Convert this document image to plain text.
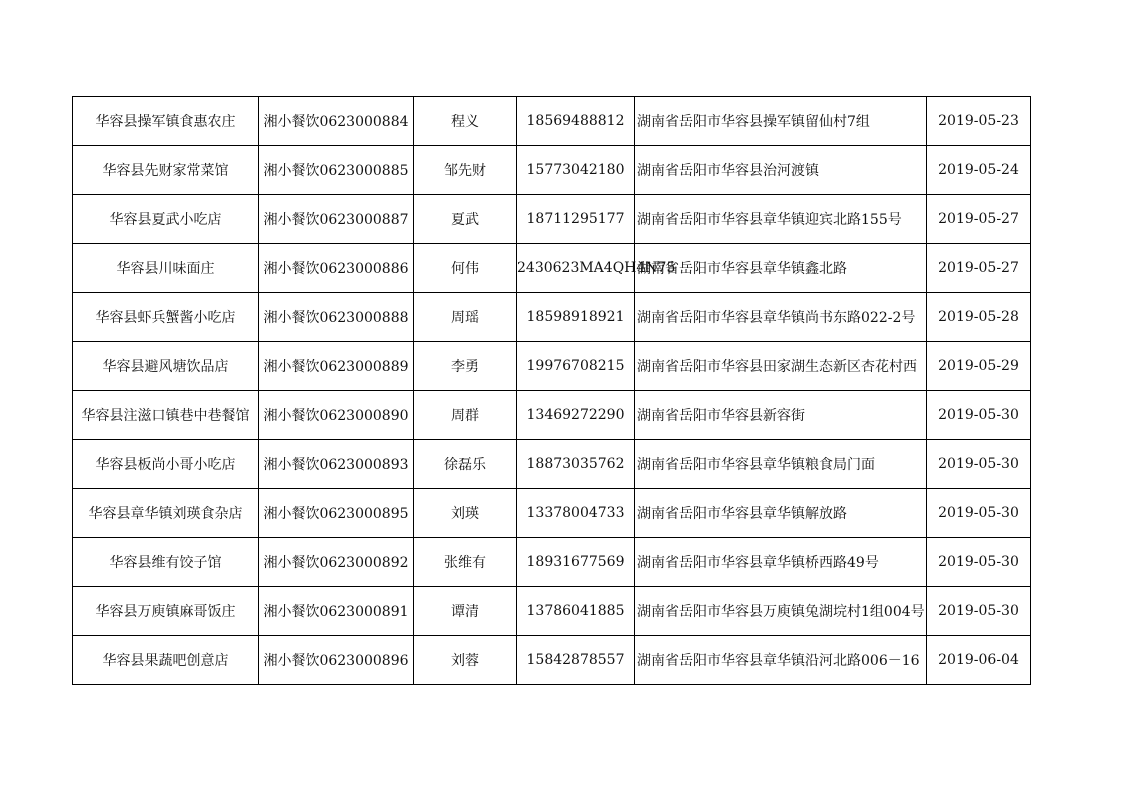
华容县操军镇食惠农庄	湘小餐饮0623000884	程义	18569488812	湖南省岳阳市华容县操军镇留仙村7组	2019-05-23
华容县先财家常菜馆	湘小餐饮0623000885	邹先财	15773042180	湖南省岳阳市华容县治河渡镇	2019-05-24
华容县夏武小吃店	湘小餐饮0623000887	夏武	18711295177	湖南省岳阳市华容县章华镇迎宾北路155号	2019-05-27
华容县川味面庄	湘小餐饮0623000886	何伟	2430623MA4QH4N75	湖南省岳阳市华容县章华镇鑫北路	2019-05-27
华容县虾兵蟹酱小吃店	湘小餐饮0623000888	周瑶	18598918921	湖南省岳阳市华容县章华镇尚书东路022-2号	2019-05-28
华容县避风塘饮品店	湘小餐饮0623000889	李勇	19976708215	湖南省岳阳市华容县田家湖生态新区杏花村西	2019-05-29
华容县注滋口镇巷中巷餐馆	湘小餐饮0623000890	周群	13469272290	湖南省岳阳市华容县新容街	2019-05-30
华容县板尚小哥小吃店	湘小餐饮0623000893	徐磊乐	18873035762	湖南省岳阳市华容县章华镇粮食局门面	2019-05-30
华容县章华镇刘瑛食杂店	湘小餐饮0623000895	刘瑛	13378004733	湖南省岳阳市华容县章华镇解放路	2019-05-30
华容县维有饺子馆	湘小餐饮0623000892	张维有	18931677569	湖南省岳阳市华容县章华镇桥西路49号	2019-05-30
华容县万庾镇麻哥饭庄	湘小餐饮0623000891	谭清	13786041885	湖南省岳阳市华容县万庾镇兔湖垸村1组004号	2019-05-30
华容县果蔬吧创意店	湘小餐饮0623000896	刘蓉	15842878557	湖南省岳阳市华容县章华镇沿河北路006－16	2019-06-04
